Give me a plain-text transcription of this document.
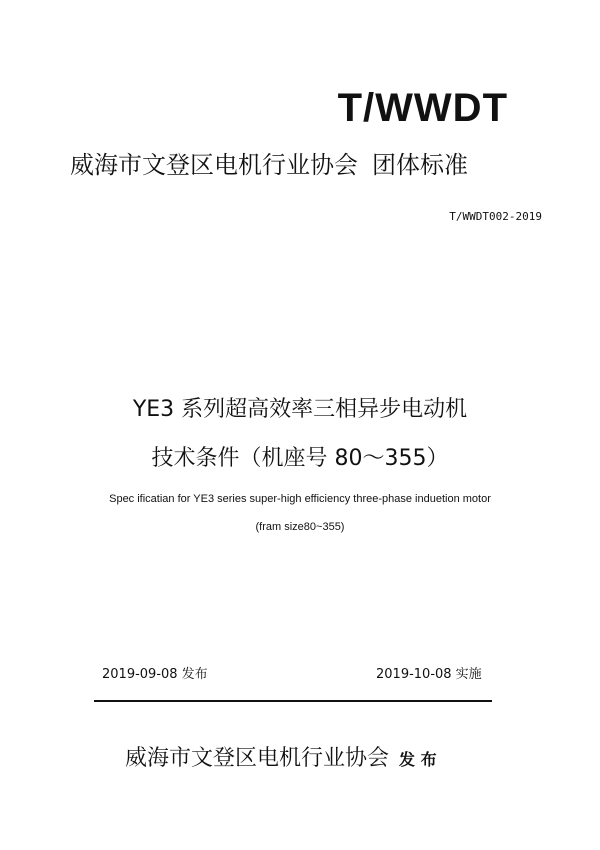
T/WWDT
威海市文登区电机行业协会 团体标准
T/WWDT002-2019
YE3 系列超高效率三相异步电动机
技术条件（机座号 80～355）
Spec ificatian for YE3 series super-high efficiency three-phase indueti‌on motor
(fram size80~355)
2019-09-08 发布	2019-10-08 实施
威海市文登区电机行业协会 发 布
